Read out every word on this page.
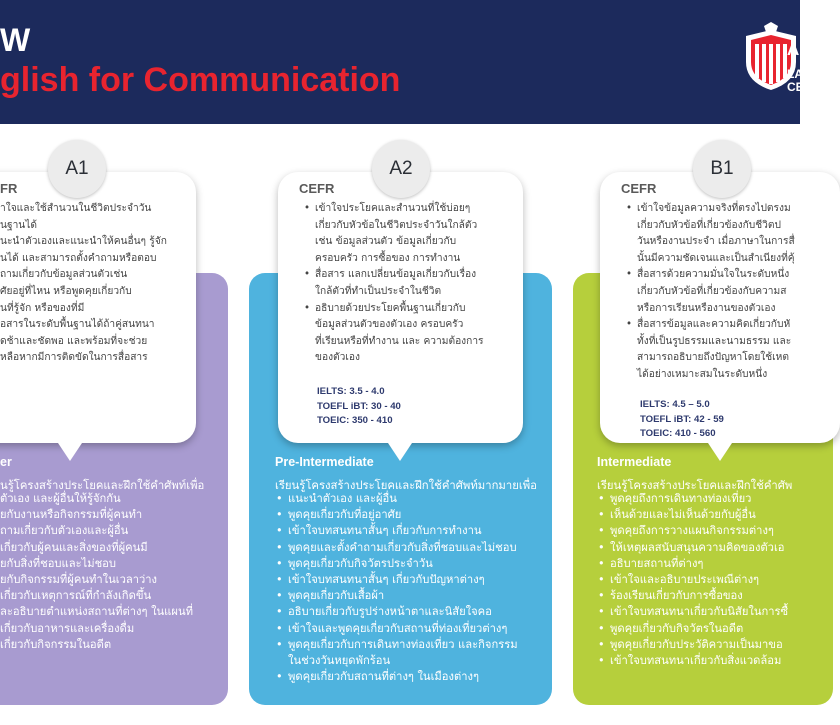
W
glish for Communication
A
LA
CE
A1	A2	B1
FR	CEFR	CEFR
าใจและใช้สำนวนในชีวิตประจำวัน
นฐานได้
นะนำตัวเองและแนะนำให้คนอื่นๆ รู้จัก
นได้ และสามารถตั้งคำถามหรือตอบ
ถามเกี่ยวกับข้อมูลส่วนตัวเช่น
ศัยอยู่ที่ไหน หรือพูดคุยเกี่ยวกับ
นที่รู้จัก หรือของที่มี
อสารในระดับพื้นฐานได้ถ้าคู่สนทนา
ดช้าและชัดพอ และพร้อมที่จะช่วย
หลือหากมีการติดขัดในการสื่อสาร
• เข้าใจประโยคและสำนวนที่ใช้บ่อยๆ
เกี่ยวกับหัวข้อในชีวิตประจำวันใกล้ตัว
เช่น ข้อมูลส่วนตัว ข้อมูลเกี่ยวกับ
ครอบครัว การซื้อของ การทำงาน
• สื่อสาร แลกเปลี่ยนข้อมูลเกี่ยวกับเรื่อง
ใกล้ตัวที่ทำเป็นประจำในชีวิต
• อธิบายด้วยประโยคพื้นฐานเกี่ยวกับ
ข้อมูลส่วนตัวของตัวเอง ครอบครัว
ที่เรียนหรือที่ทำงาน และ ความต้องการ
ของตัวเอง
IELTS: 3.5 - 4.0
TOEFL iBT: 30 - 40
TOEIC: 350 - 410
• เข้าใจข้อมูลความจริงที่ตรงไปตรงม
เกี่ยวกับหัวข้อที่เกี่ยวข้องกับชีวิตป
วันหรืองานประจำ เมื่อภาษาในการสื่
นั้นมีความชัดเจนและเป็นสำเนียงที่คุ้
• สื่อสารด้วยความมั่นใจในระดับหนึ่ง
เกี่ยวกับหัวข้อที่เกี่ยวข้องกับความส
หรือการเรียนหรืองานของตัวเอง
• สื่อสารข้อมูลและความคิดเกี่ยวกับหั
ทั้งที่เป็นรูปธรรมและนามธรรม และ
สามารถอธิบายถึงปัญหาโดยใช้เหต
ได้อย่างเหมาะสมในระดับหนึ่ง
IELTS: 4.5 – 5.0
TOEFL iBT: 42 - 59
TOEIC: 410 - 560
er	Pre-Intermediate	Intermediate
นรู้โครงสร้างประโยคและฝึกใช้คำศัพท์เพื่อ	เรียนรู้โครงสร้างประโยคและฝึกใช้คำศัพท์มากมายเพื่อ	เรียนรู้โครงสร้างประโยคและฝึกใช้คำศัพ
ตัวเอง และผู้อื่นให้รู้จักกัน
ยกับงานหรือกิจกรรมที่ผู้คนทำ
ถามเกี่ยวกับตัวเองและผู้อื่น
เกี่ยวกับผู้คนและสิ่งของที่ผู้คนมี
ยกับสิ่งที่ชอบและไม่ชอบ
ยกับกิจกรรมที่ผู้คนทำในเวลาว่าง
เกี่ยวกับเหตุการณ์ที่กำลังเกิดขึ้น
ละอธิบายตำแหน่งสถานที่ต่างๆ ในแผนที่
เกี่ยวกับอาหารและเครื่องดื่ม
เกี่ยวกับกิจกรรมในอดีต
• แนะนำตัวเอง และผู้อื่น
• พูดคุยเกี่ยวกับที่อยู่อาศัย
• เข้าใจบทสนทนาสั้นๆ เกี่ยวกับการทำงาน
• พูดคุยและตั้งคำถามเกี่ยวกับสิ่งที่ชอบและไม่ชอบ
• พูดคุยเกี่ยวกับกิจวัตรประจำวัน
• เข้าใจบทสนทนาสั้นๆ เกี่ยวกับปัญหาต่างๆ
• พูดคุยเกี่ยวกับเสื้อผ้า
• อธิบายเกี่ยวกับรูปร่างหน้าตาและนิสัยใจคอ
• เข้าใจและพูดคุยเกี่ยวกับสถานที่ท่องเที่ยวต่างๆ
• พูดคุยเกี่ยวกับการเดินทางท่องเที่ยว และกิจกรรม
ในช่วงวันหยุดพักร้อน
• พูดคุยเกี่ยวกับสถานที่ต่างๆ ในเมืองต่างๆ
• พูดคุยถึงการเดินทางท่องเที่ยว
• เห็นด้วยและไม่เห็นด้วยกับผู้อื่น
• พูดคุยถึงการวางแผนกิจกรรมต่างๆ
• ให้เหตุผลสนับสนุนความคิดของตัวเอ
• อธิบายสถานที่ต่างๆ
• เข้าใจและอธิบายประเพณีต่างๆ
• ร้องเรียนเกี่ยวกับการซื้อของ
• เข้าใจบทสนทนาเกี่ยวกับนิสัยในการซื้
• พูดคุยเกี่ยวกับกิจวัตรในอดีต
• พูดคุยเกี่ยวกับประวัติความเป็นมาขอ
• เข้าใจบทสนทนาเกี่ยวกับสิ่งแวดล้อม
